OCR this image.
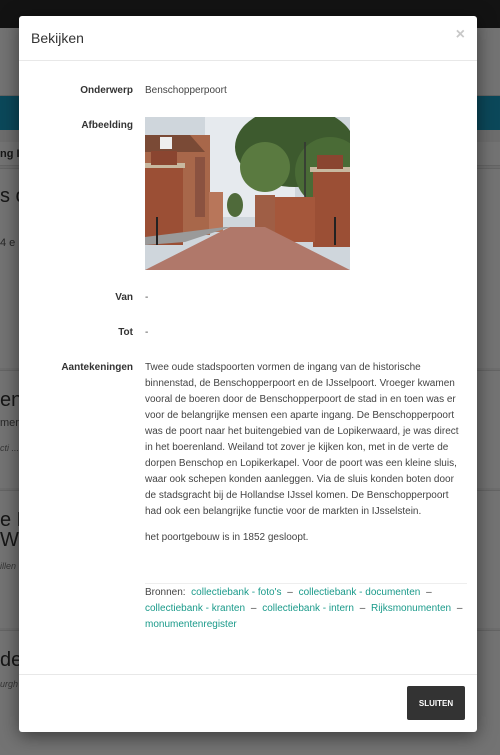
Bekijken	×
Onderwerp Benschopperpoort
Afbeelding
Van -
Tot -
Aantekeningen Twee oude stadspoorten vormen de ingang van de historische binnenstad, de Benschopperpoort en de IJsselpoort. Vroeger kwamen vooral de boeren door de Benschopperpoort de stad in en toen was er voor de belangrijke mensen een aparte ingang. De Benschopperpoort was de poort naar het buitengebied van de Lopikerwaard, je was direct in het boerenland. Weiland tot zover je kijken kon, met in de verte de dorpen Benschop en Lopikerkapel. Voor de poort was een kleine sluis, waar ook schepen konden aanleggen. Via de sluis konden boten door de stadsgracht bij de Hollandse IJssel komen. De Benschopperpoort had ook een belangrijke functie voor de markten in IJsselstein.

het poortgebouw is in 1852 gesloopt.

Bronnen: collectiebank - foto's – collectiebank - documenten – collectiebank - kranten – collectiebank - intern – Rijksmonumenten – monumentenregister
SLUITEN
